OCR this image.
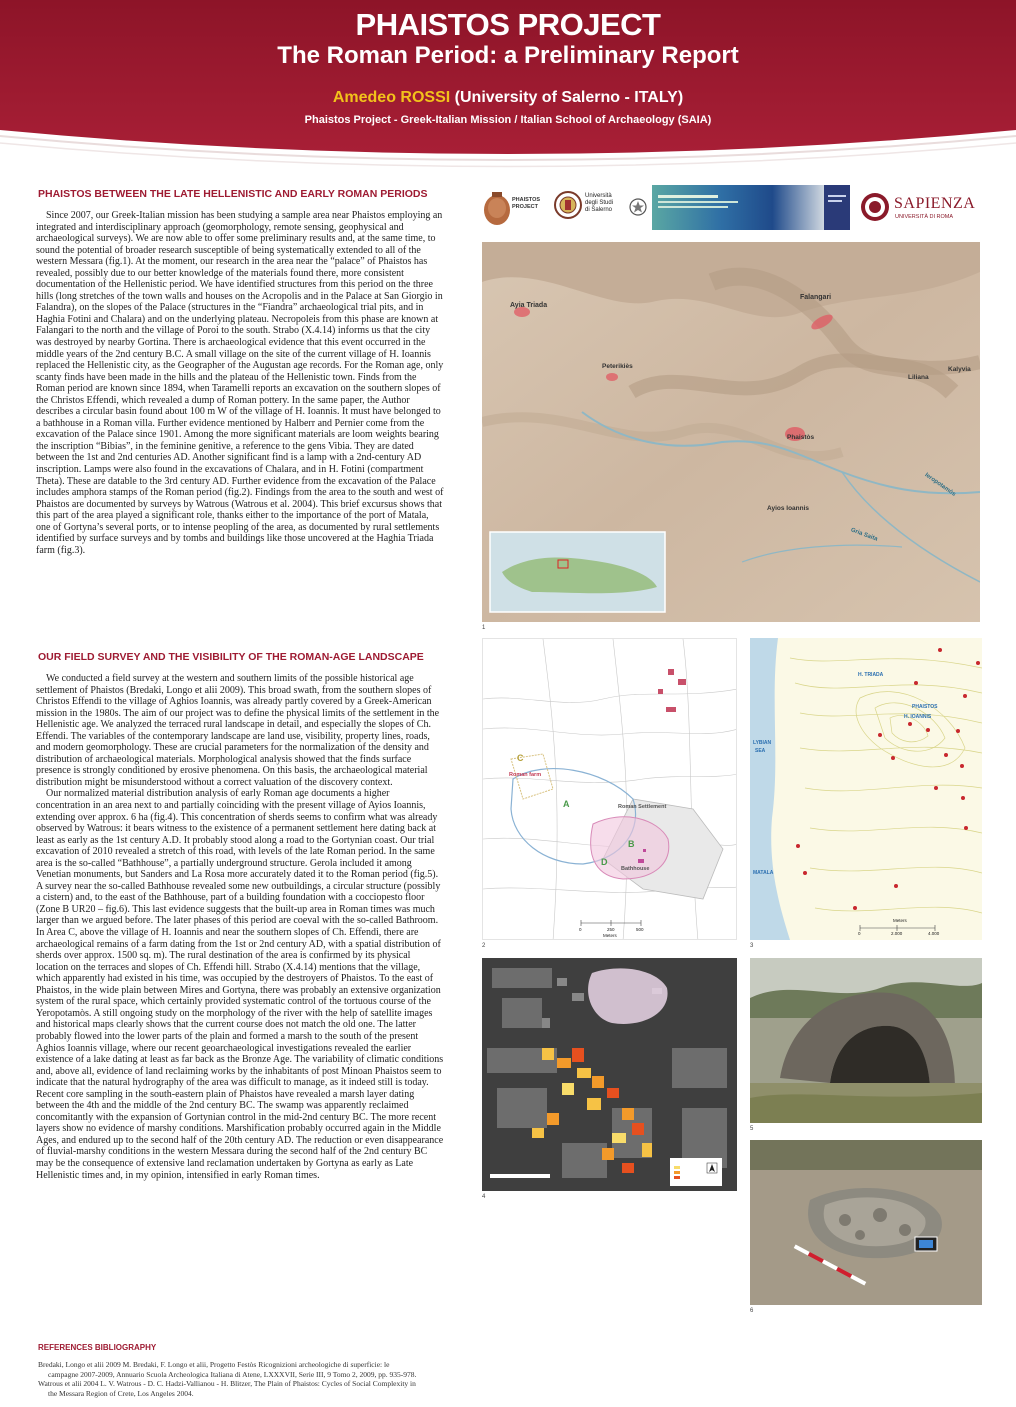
PHAISTOS PROJECT
The Roman Period: a Preliminary Report
Amedeo ROSSI (University of Salerno - ITALY)
Phaistos Project - Greek-Italian Mission / Italian School of Archaeology (SAIA)
PHAISTOS BETWEEN THE LATE HELLENISTIC AND EARLY ROMAN PERIODS

Since 2007, our Greek-Italian mission has been studying a sample area near Phaistos employing an integrated and interdisciplinary approach (geomorphology, remote sensing, geophysical and archaeological surveys). We are now able to offer some preliminary results and, at the same time, to sound the potential of broader research susceptible of being systematically extended to all of the western Messara (fig.1). At the moment, our research in the area near the “palace” of Phaistos has revealed, possibly due to our better knowledge of the materials found there, more consistent documentation of the Hellenistic period. We have identified structures from this period on the three hills (long stretches of the town walls and houses on the Acropolis and in the Palace at San Giorgio in Falandra), on the slopes of the Palace (structures in the “Fiandra” archaeological trial pits, and in Haghia Fotini and Chalara) and on the underlying plateau. Necropoleis from this phase are known at Falangari to the north and the village of Poroi to the south. Strabo (X.4.14) informs us that the city was destroyed by nearby Gortina. There is archaeological evidence that this event occurred in the middle years of the 2nd century B.C. A small village on the site of the current village of H. Ioannis replaced the Hellenistic city, as the Geographer of the Augustan age records. For the Roman age, only scanty finds have been made in the hills and the plateau of the Hellenistic town. Finds from the Roman period are known since 1894, when Taramelli reports an excavation on the southern slopes of the Christos Effendi, which revealed a dump of Roman pottery. In the same paper, the Author describes a circular basin found about 100 m W of the village of H. Ioannis. It must have belonged to a bathhouse in a Roman villa. Further evidence mentioned by Halberr and Pernier come from the excavation of the Palace since 1901. Among the more significant materials are loom weights bearing the inscription “Bibias”, in the feminine genitive, a reference to the gens Vibia. They are dated between the 1st and 2nd centuries AD. Another significant find is a lamp with a 2nd-century AD inscription. Lamps were also found in the excavations of Chalara, and in H. Fotini (compartment Theta). These are datable to the 3rd century AD. Further evidence from the excavation of the Palace includes amphora stamps of the Roman period (fig.2). Findings from the area to the south and west of Phaistos are documented by surveys by Watrous (Watrous et al. 2004). This brief excursus shows that this part of the area played a significant role, thanks either to the importance of the port of Matala, one of Gortyna’s several ports, or to intense peopling of the area, as documented by rural settlements identified by surface surveys and by tombs and buildings like those uncovered at the Haghia Triada farm (fig.3).

OUR FIELD SURVEY AND THE VISIBILITY OF THE ROMAN-AGE LANDSCAPE

We conducted a field survey at the western and southern limits of the possible historical age settlement of Phaistos (Bredaki, Longo et alii 2009). This broad swath, from the southern slopes of Christos Effendi to the village of Aghios Ioannis, was already partly covered by a Greek-American mission in the 1980s. The aim of our project was to define the physical limits of the settlement in the Hellenistic age. We analyzed the terraced rural landscape in detail, and especially the slopes of Ch. Effendi. The variables of the contemporary landscape are land use, visibility, property lines, roads, and modern geomorphology. These are crucial parameters for the normalization of the density and distribution of archaeological materials. Morphological analysis showed that the finds surface presence is strongly conditioned by erosive phenomena. On this basis, the archaeological material distribution might be misunderstood without a correct valuation of the discovery context.

Our normalized material distribution analysis of early Roman age documents a higher concentration in an area next to and partially coinciding with the present village of Ayios Ioannis, extending over approx. 6 ha (fig.4). This concentration of sherds seems to confirm what was already observed by Watrous: it bears witness to the existence of a permanent settlement here dating back at least as early as the 1st century A.D. It probably stood along a road to the Gortynian coast. Our trial excavation of 2010 revealed a stretch of this road, with levels of the late Roman period. In the same area is the so-called “Bathhouse”, a partially underground structure. Gerola included it among Venetian monuments, but Sanders and La Rosa more accurately dated it to the Roman period (fig.5). A survey near the so-called Bathhouse revealed some new outbuildings, a circular structure (possibly a cistern) and, to the east of the Bathhouse, part of a building foundation with a cocciopesto floor (Zone B UR20 – fig.6). This last evidence suggests that the built-up area in Roman times was much larger than we argued before. The later phases of this period are coeval with the so-called Bathroom. In Area C, above the village of H. Ioannis and near the southern slopes of Ch. Effendi, there are archaeological remains of a farm dating from the 1st or 2nd century AD, with a spatial distribution of sherds over approx. 1500 sq. m). The rural destination of the area is confirmed by its physical location on the terraces and slopes of Ch. Effendi hill. Strabo (X.4.14) mentions that the village, which apparently had existed in his time, was occupied by the destroyers of Phaistos. To the east of Phaistos, in the wide plain between Mires and Gortyna, there was probably an extensive organization system of the rural space, which certainly provided systematic control of the tortuous course of the Yeropotamòs. A still ongoing study on the morphology of the river with the help of satellite images and historical maps clearly shows that the current course does not match the old one. The latter probably flowed into the lower parts of the plain and formed a marsh to the south of the present Aghios Ioannis village, where our recent geoarchaeological investigations revealed the earlier existence of a lake dating at least as far back as the Bronze Age. The variability of climatic conditions and, above all, evidence of land reclaiming works by the inhabitants of post Minoan Phaistos seem to indicate that the natural hydrography of the area was difficult to manage, as it indeed still is today. Recent core sampling in the south-eastern plain of Phaistos have revealed a marsh layer dating between the 4th and the middle of the 2nd century BC. The swamp was apparently reclaimed concomitantly with the expansion of Gortynian control in the mid-2nd century BC. The more recent layers show no evidence of marshy conditions. Marshification probably occurred again in the Middle Ages, and endured up to the second half of the 20th century AD. The reduction or even disappearance of fluvial-marshy conditions in the western Messara during the second half of the 2nd century BC may be the consequence of extensive land reclamation undertaken by Gortyna as early as Late Hellenistic times and, in my opinion, intensified in early Roman times.

REFERENCES BIBLIOGRAPHY
Bredaki, Longo et alii 2009 M. Bredaki, F. Longo et alii, Progetto Festòs Ricognizioni archeologiche di superficie: le
campagne 2007-2009, Annuario Scuola Archeologica Italiana di Atene, LXXXVII, Serie III, 9 Tomo 2, 2009, pp. 935-978.
Watrous et alii 2004 L. V. Watrous - D. C. Hadzi-Vallianou - H. Blitzer, The Plain of Phaistos: Cycles of Social Complexity in
the Messara Region of Crete, Los Angeles 2004.
PHAISTOS
PROJECT
Università
degli Studi
di Salerno	SAPIENZA
UNIVERSITÀ DI ROMA
Ayia Triada
Falangari
Peterikiès	Kalyvia
Liliana
Phaistòs
Ieropotamòs
Ayios Ioannis
Gria Saita
1
C
Roman farm
A	Roman Settlement
B
D
Bathhouse
0	250	500
Meters
2
H. TRIADA
PHAISTOS
H. IOANNIS
LYBIAN
SEA
MATALA
0	2.000	4.000
Meters
3
4
5
6
